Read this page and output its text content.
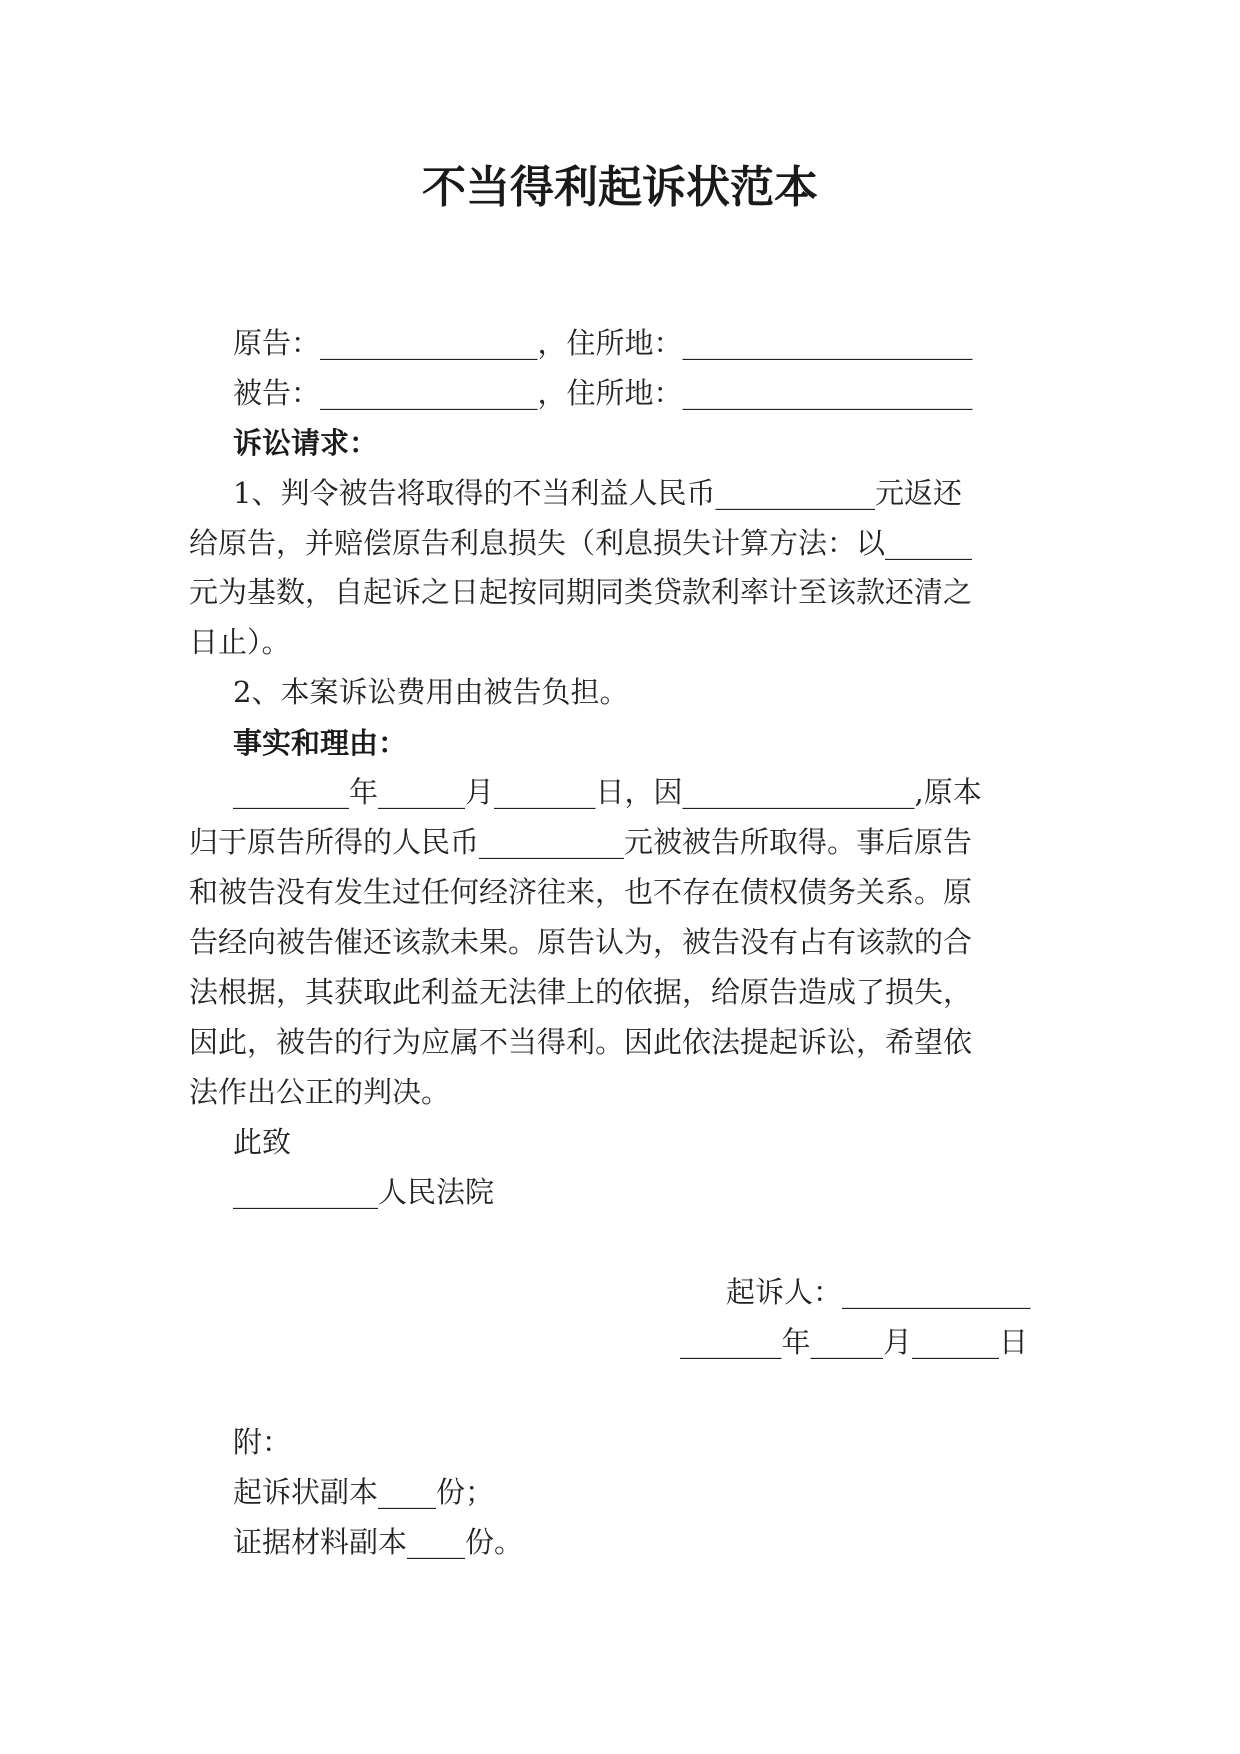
不当得利起诉状范本
原告：_______________，住所地：____________________
被告：_______________，住所地：____________________
诉讼请求：
1、判令被告将取得的不当利益人民币___________元返还
给原告，并赔偿原告利息损失（利息损失计算方法：以______
元为基数，自起诉之日起按同期同类贷款利率计至该款还清之
日止）。
2、本案诉讼费用由被告负担。
事实和理由：
________年______月_______日，因________________,原本
归于原告所得的人民币__________元被被告所取得。事后原告
和被告没有发生过任何经济往来，也不存在债权债务关系。原
告经向被告催还该款未果。原告认为，被告没有占有该款的合
法根据，其获取此利益无法律上的依据，给原告造成了损失，
因此，被告的行为应属不当得利。因此依法提起诉讼，希望依
法作出公正的判决。
此致
__________人民法院
起诉人：_____________
_______年_____月______日
附：
起诉状副本____份；
证据材料副本____份。
